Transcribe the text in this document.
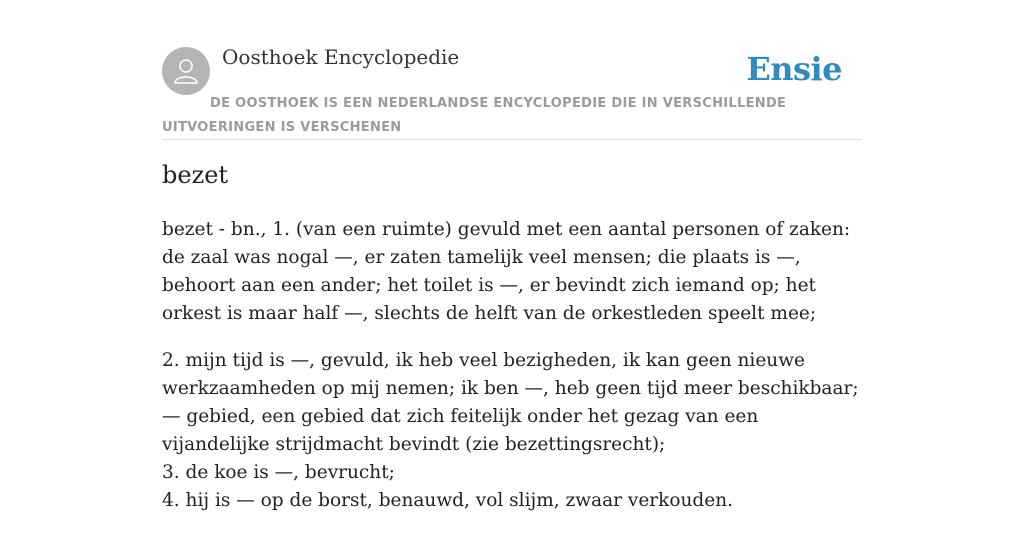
Oosthoek Encyclopedie	Ensie
DE OOSTHOEK IS EEN NEDERLANDSE ENCYCLOPEDIE DIE IN VERSCHILLENDE UITVOERINGEN IS VERSCHENEN
bezet

bezet - bn., 1. (van een ruimte) gevuld met een aantal personen of zaken: de zaal was nogal —, er zaten tamelijk veel mensen; die plaats is —, behoort aan een ander; het toilet is —, er bevindt zich iemand op; het orkest is maar half —, slechts de helft van de orkestleden speelt mee;

2. mijn tijd is —, gevuld, ik heb veel bezigheden, ik kan geen nieuwe werkzaamheden op mij nemen; ik ben —, heb geen tijd meer beschikbaar; — gebied, een gebied dat zich feitelijk onder het gezag van een vijandelijke strijdmacht bevindt (zie bezettingsrecht);
3. de koe is —, bevrucht;
4. hij is — op de borst, benauwd, vol slijm, zwaar verkouden.
